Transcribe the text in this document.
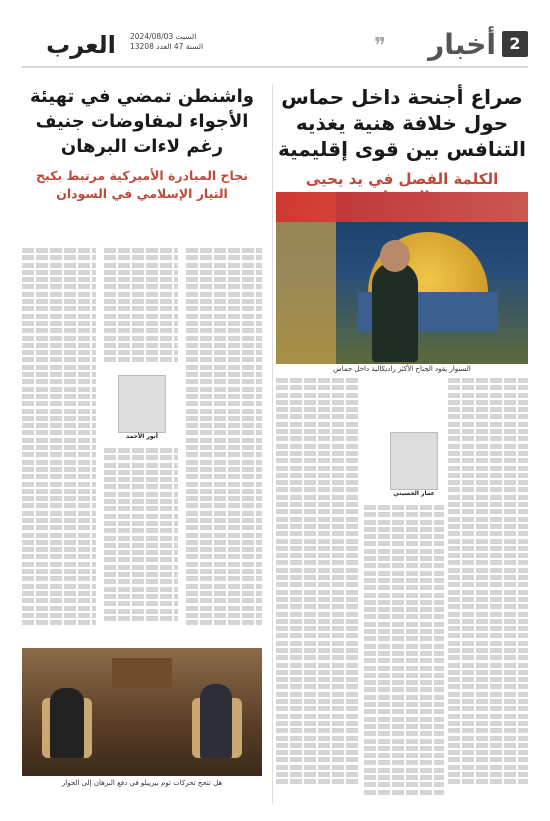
العرب	السبت 2024/08/03
السنة 47 العدد 13208	❞	2
أخبار
صراع أجنحة داخل حماس حول خلافة هنية يغذيه التنافس بين قوى إقليمية
الكلمة الفصل في يد يحيى
السنوار يقود الجناح الأكثر راديكالية داخل حماس
عمار الحسيني
واشنطن تمضي في تهيئة الأجواء لمفاوضات جنيف رغم لاءات البرهان
نجاح المبادرة الأميركية مرتبط بكبح التيار الإسلامي في السودان
أنور الأحمد
هل تنجح تحركات توم بيرييلو في دفع البرهان إلى الحوار
